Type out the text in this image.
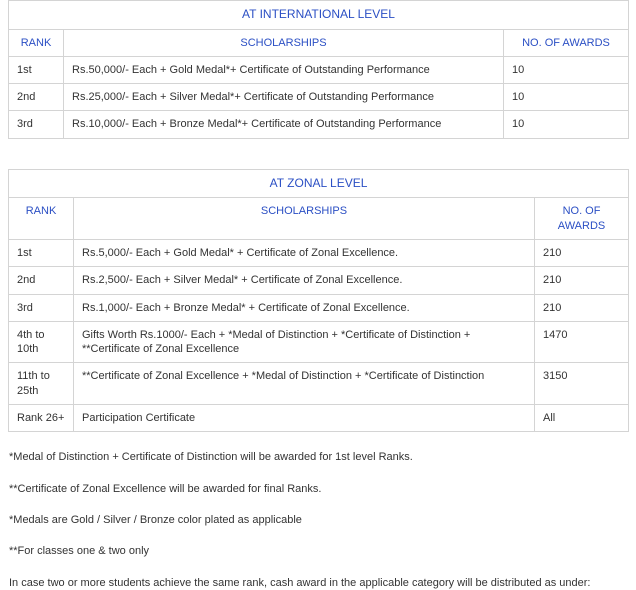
AT INTERNATIONAL LEVEL		
RANK	SCHOLARSHIPS	NO. OF AWARDS
1st	Rs.50,000/- Each + Gold Medal*+ Certificate of Outstanding Performance	10
2nd	Rs.25,000/- Each + Silver Medal*+ Certificate of Outstanding Performance	10
3rd	Rs.10,000/- Each + Bronze Medal*+ Certificate of Outstanding Performance	10
AT ZONAL LEVEL		
RANK	SCHOLARSHIPS	NO. OF AWARDS
1st	Rs.5,000/- Each + Gold Medal* + Certificate of Zonal Excellence.	210
2nd	Rs.2,500/- Each + Silver Medal* + Certificate of Zonal Excellence.	210
3rd	Rs.1,000/- Each + Bronze Medal* + Certificate of Zonal Excellence.	210
4th to 10th	Gifts Worth Rs.1000/- Each + *Medal of Distinction + *Certificate of Distinction + **Certificate of Zonal Excellence	1470
11th to 25th	**Certificate of Zonal Excellence + *Medal of Distinction + *Certificate of Distinction	3150
Rank 26+	Participation Certificate	All

*Medal of Distinction + Certificate of Distinction will be awarded for 1st level Ranks.

**Certificate of Zonal Excellence will be awarded for final Ranks.

*Medals are Gold / Silver / Bronze color plated as applicable

**For classes one & two only

In case two or more students achieve the same rank, cash award in the applicable category will be distributed as under:
